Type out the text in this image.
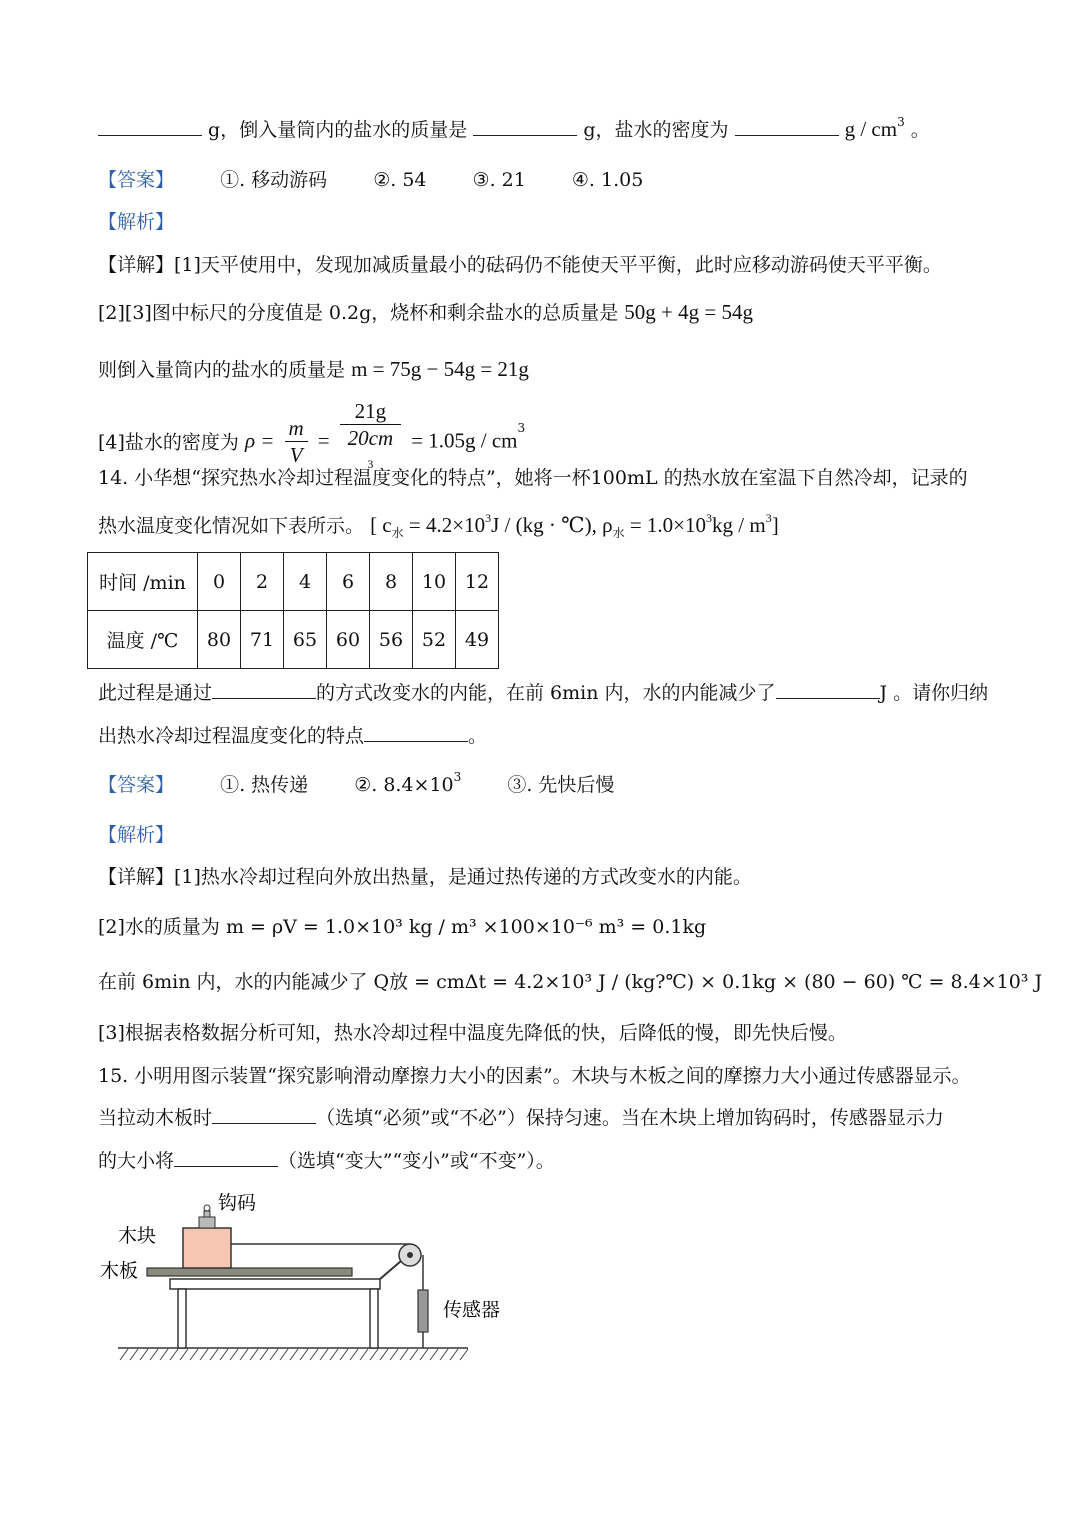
g，倒入量筒内的盐水的质量是	g，盐水的密度为	g / $cm^3$ 。
【答案】 ①. 移动游码 ②. 54 ③. 21 ④. 1.05
【解析】
【详解】[1]天平使用中，发现加减质量最小的砝码仍不能使天平平衡，此时应移动游码使天平平衡。
[2][3]图中标尺的分度值是 0.2g，烧杯和剩余盐水的总质量是 50g + 4g = 54g
则倒入量筒内的盐水的质量是 m = 75g − 54g = 21g
[4]盐水的密度为 $\rho = \frac{m}{V} = 21g$
20cm
$^3 = 1.05g / cm^3$
14. 小华想“探究热水冷却过程温度变化的特点”，她将一杯100mL 的热水放在室温下自然冷却，记录的
热水温度变化情况如下表所示。 [ $c_水 = 4.2\times 10^3J / (kg$ · ℃), $\rho_水 = 1.0\times 10^3kg / m^3$]
时间 /min	0	2	4	6	8	10	12
温度 /℃	80	71	65	60	56	52	49
此过程是通过	的方式改变水的内能，在前 6min 内，水的内能减少了	J 。请你归纳
出热水冷却过程温度变化的特点	。
【答案】 ①. 热传递 ②. $8.4\times 10^3$ ③. 先快后慢
【解析】
【详解】[1]热水冷却过程向外放出热量，是通过热传递的方式改变水的内能。
[2]水的质量为 m = ρV = 1.0×10³ kg / m³ ×100×10⁻⁶ m³ = 0.1kg
在前 6min 内，水的内能减少了 Q放 = cmΔt = 4.2×10³ J / (kg?℃) × 0.1kg × (80 − 60) ℃ = 8.4×10³ J
[3]根据表格数据分析可知，热水冷却过程中温度先降低的快，后降低的慢，即先快后慢。
15. 小明用图示装置“探究影响滑动摩擦力大小的因素”。木块与木板之间的摩擦力大小通过传感器显示。
当拉动木板时	（选填“必须”或“不必”）保持匀速。当在木块上增加钩码时，传感器显示力
的大小将	（选填“变大”“变小”或“不变”）。
钩码
木块
木板
传感器
